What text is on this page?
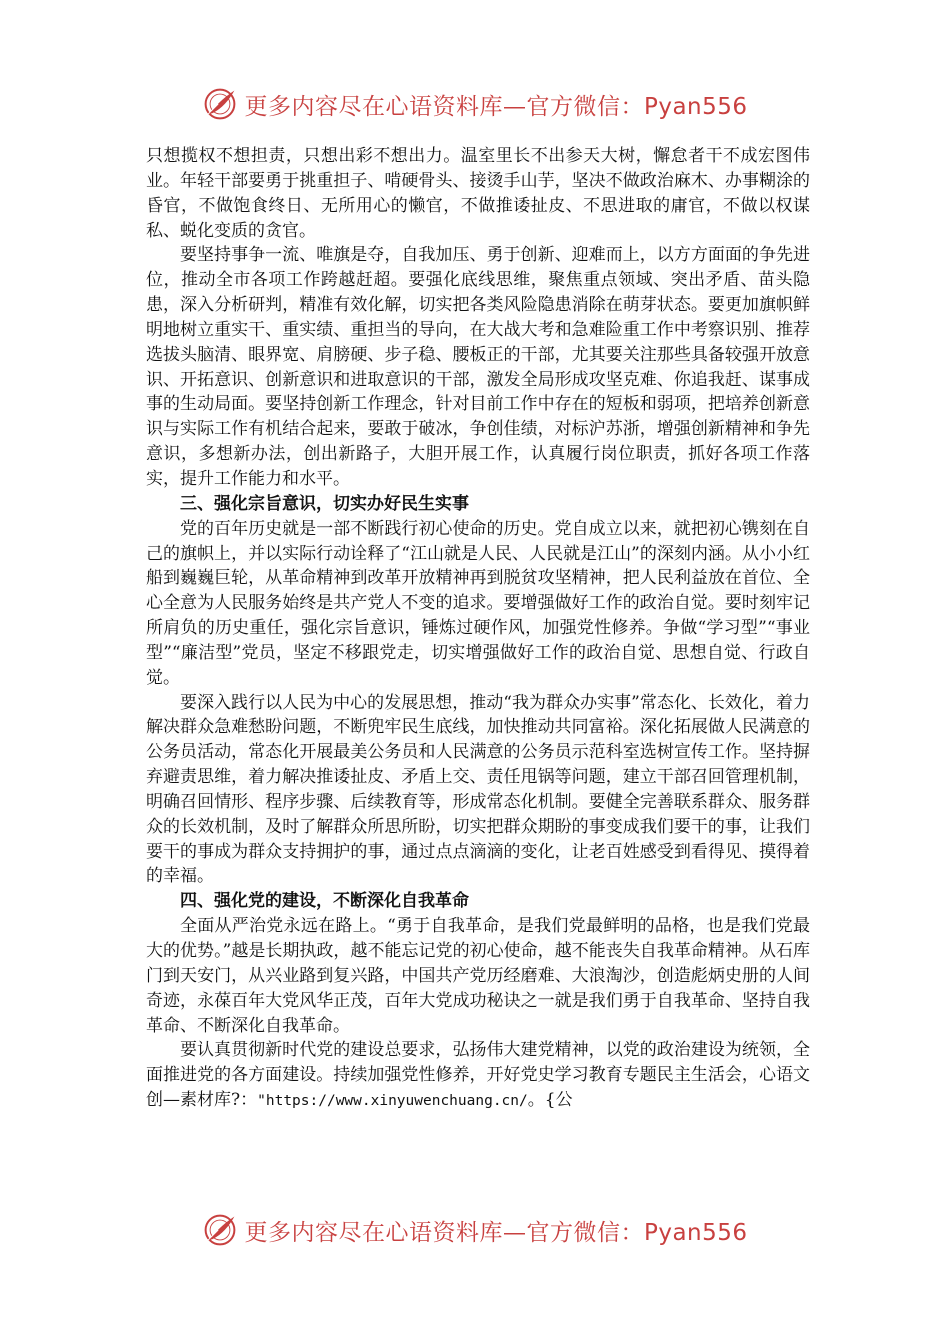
更多内容尽在心语资料库—官方微信：Pyan556

只想揽权不想担责，只想出彩不想出力。温室里长不出参天大树，懈怠者干不成宏图伟业。年轻干部要勇于挑重担子、啃硬骨头、接烫手山芋，坚决不做政治麻木、办事糊涂的昏官，不做饱食终日、无所用心的懒官，不做推诿扯皮、不思进取的庸官，不做以权谋私、蜕化变质的贪官。

要坚持事争一流、唯旗是夺，自我加压、勇于创新、迎难而上，以方方面面的争先进位，推动全市各项工作跨越赶超。要强化底线思维，聚焦重点领域、突出矛盾、苗头隐患，深入分析研判，精准有效化解，切实把各类风险隐患消除在萌芽状态。要更加旗帜鲜明地树立重实干、重实绩、重担当的导向，在大战大考和急难险重工作中考察识别、推荐选拔头脑清、眼界宽、肩膀硬、步子稳、腰板正的干部，尤其要关注那些具备较强开放意识、开拓意识、创新意识和进取意识的干部，激发全局形成攻坚克难、你追我赶、谋事成事的生动局面。要坚持创新工作理念，针对目前工作中存在的短板和弱项，把培养创新意识与实际工作有机结合起来，要敢于破冰，争创佳绩，对标沪苏浙，增强创新精神和争先意识，多想新办法，创出新路子，大胆开展工作，认真履行岗位职责，抓好各项工作落实，提升工作能力和水平。

三、强化宗旨意识，切实办好民生实事

党的百年历史就是一部不断践行初心使命的历史。党自成立以来，就把初心镌刻在自己的旗帜上，并以实际行动诠释了“江山就是人民、人民就是江山”的深刻内涵。从小小红船到巍巍巨轮，从革命精神到改革开放精神再到脱贫攻坚精神，把人民利益放在首位、全心全意为人民服务始终是共产党人不变的追求。要增强做好工作的政治自觉。要时刻牢记所肩负的历史重任，强化宗旨意识，锤炼过硬作风，加强党性修养。争做“学习型”“事业型”“廉洁型”党员，坚定不移跟党走，切实增强做好工作的政治自觉、思想自觉、行政自觉。

要深入践行以人民为中心的发展思想，推动“我为群众办实事”常态化、长效化，着力解决群众急难愁盼问题，不断兜牢民生底线，加快推动共同富裕。深化拓展做人民满意的公务员活动，常态化开展最美公务员和人民满意的公务员示范科室选树宣传工作。坚持摒弃避责思维，着力解决推诿扯皮、矛盾上交、责任甩锅等问题，建立干部召回管理机制，明确召回情形、程序步骤、后续教育等，形成常态化机制。要健全完善联系群众、服务群众的长效机制，及时了解群众所思所盼，切实把群众期盼的事变成我们要干的事，让我们要干的事成为群众支持拥护的事，通过点点滴滴的变化，让老百姓感受到看得见、摸得着的幸福。

四、强化党的建设，不断深化自我革命

全面从严治党永远在路上。“勇于自我革命，是我们党最鲜明的品格，也是我们党最大的优势。”越是长期执政，越不能忘记党的初心使命，越不能丧失自我革命精神。从石库门到天安门，从兴业路到复兴路，中国共产党历经磨难、大浪淘沙，创造彪炳史册的人间奇迹，永葆百年大党风华正茂，百年大党成功秘诀之一就是我们勇于自我革命、坚持自我革命、不断深化自我革命。

要认真贯彻新时代党的建设总要求，弘扬伟大建党精神，以党的政治建设为统领，全面推进党的各方面建设。持续加强党性修养，开好党史学习教育专题民主生活会，心语文创—素材库?："https://www.xinyuwenchuang.cn/。{公

更多内容尽在心语资料库—官方微信：Pyan556
